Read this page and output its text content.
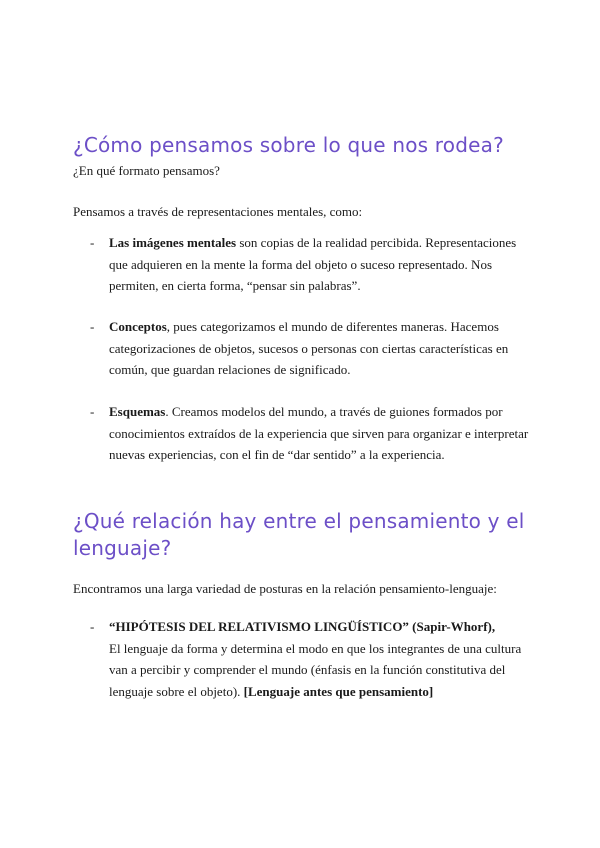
¿Cómo pensamos sobre lo que nos rodea?

¿En qué formato pensamos?

Pensamos a través de representaciones mentales, como:

- Las imágenes mentales son copias de la realidad percibida. Representaciones que adquieren en la mente la forma del objeto o suceso representado. Nos permiten, en cierta forma, “pensar sin palabras”.
- Conceptos, pues categorizamos el mundo de diferentes maneras. Hacemos categorizaciones de objetos, sucesos o personas con ciertas características en común, que guardan relaciones de significado.
- Esquemas. Creamos modelos del mundo, a través de guiones formados por conocimientos extraídos de la experiencia que sirven para organizar e interpretar nuevas experiencias, con el fin de “dar sentido” a la experiencia.
¿Qué relación hay entre el pensamiento y el lenguaje?

Encontramos una larga variedad de posturas en la relación pensamiento-lenguaje:

- “HIPÓTESIS DEL RELATIVISMO LINGÜÍSTICO” (Sapir-Whorf),
El lenguaje da forma y determina el modo en que los integrantes de una cultura van a percibir y comprender el mundo (énfasis en la función constitutiva del lenguaje sobre el objeto). [Lenguaje antes que pensamiento]
